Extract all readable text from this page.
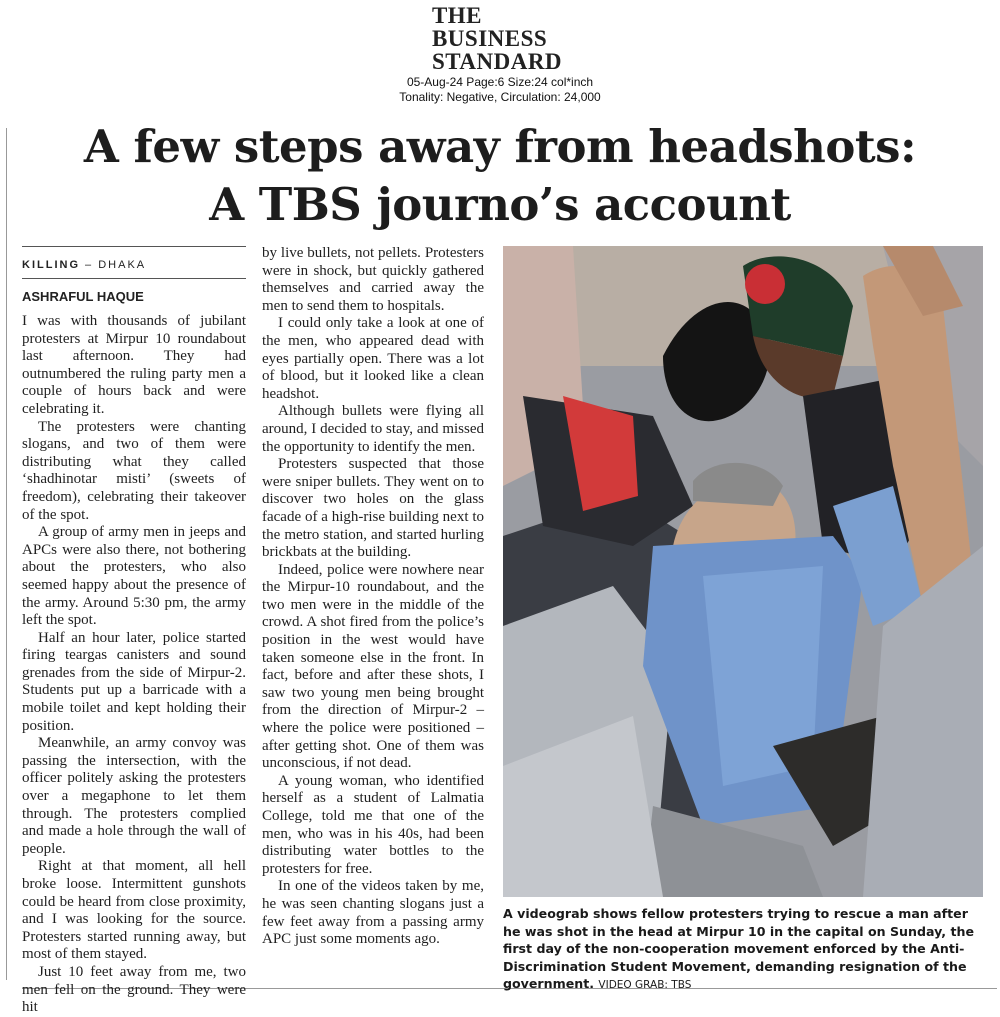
THE
BUSINESS
STANDARD
05-Aug-24 Page:6 Size:24 col*inch
Tonality: Negative, Circulation: 24,000
A few steps away from headshots:
A TBS journo’s account
KILLING – DHAKA
ASHRAFUL HAQUE

I was with thousands of jubilant protesters at Mirpur 10 roundabout last afternoon. They had outnumbered the ruling party men a couple of hours back and were celebrating it.

The protesters were chanting slogans, and two of them were distributing what they called ‘shadhinotar misti’ (sweets of freedom), celebrating their takeover of the spot.

A group of army men in jeeps and APCs were also there, not bothering about the protesters, who also seemed happy about the presence of the army. Around 5:30 pm, the army left the spot.

Half an hour later, police started firing teargas canisters and sound grenades from the side of Mirpur-2. Students put up a barricade with a mobile toilet and kept holding their position.

Meanwhile, an army convoy was passing the intersection, with the officer politely asking the protesters over a megaphone to let them through. The protesters complied and made a hole through the wall of people.

Right at that moment, all hell broke loose. Intermittent gunshots could be heard from close proximity, and I was looking for the source. Protesters started running away, but most of them stayed.

Just 10 feet away from me, two men fell on the ground. They were hit

by live bullets, not pellets. Protesters were in shock, but quickly gathered themselves and carried away the men to send them to hospitals.

I could only take a look at one of the men, who appeared dead with eyes partially open. There was a lot of blood, but it looked like a clean headshot.

Although bullets were flying all around, I decided to stay, and missed the opportunity to identify the men.

Protesters suspected that those were sniper bullets. They went on to discover two holes on the glass facade of a high-rise building next to the metro station, and started hurling brickbats at the building.

Indeed, police were nowhere near the Mirpur-10 roundabout, and the two men were in the middle of the crowd. A shot fired from the police’s position in the west would have taken someone else in the front. In fact, before and after these shots, I saw two young men being brought from the direction of Mirpur-2 – where the police were positioned – after getting shot. One of them was unconscious, if not dead.

A young woman, who identified herself as a student of Lalmatia College, told me that one of the men, who was in his 40s, had been distributing water bottles to the protesters for free.

In one of the videos taken by me, he was seen chanting slogans just a few feet away from a passing army APC just some moments ago.

A videograb shows fellow protesters trying to rescue a man after he was shot in the head at Mirpur 10 in the capital on Sunday, the first day of the non-cooperation movement enforced by the Anti-Discrimination Student Movement, demanding resignation of the government. VIDEO GRAB: TBS
